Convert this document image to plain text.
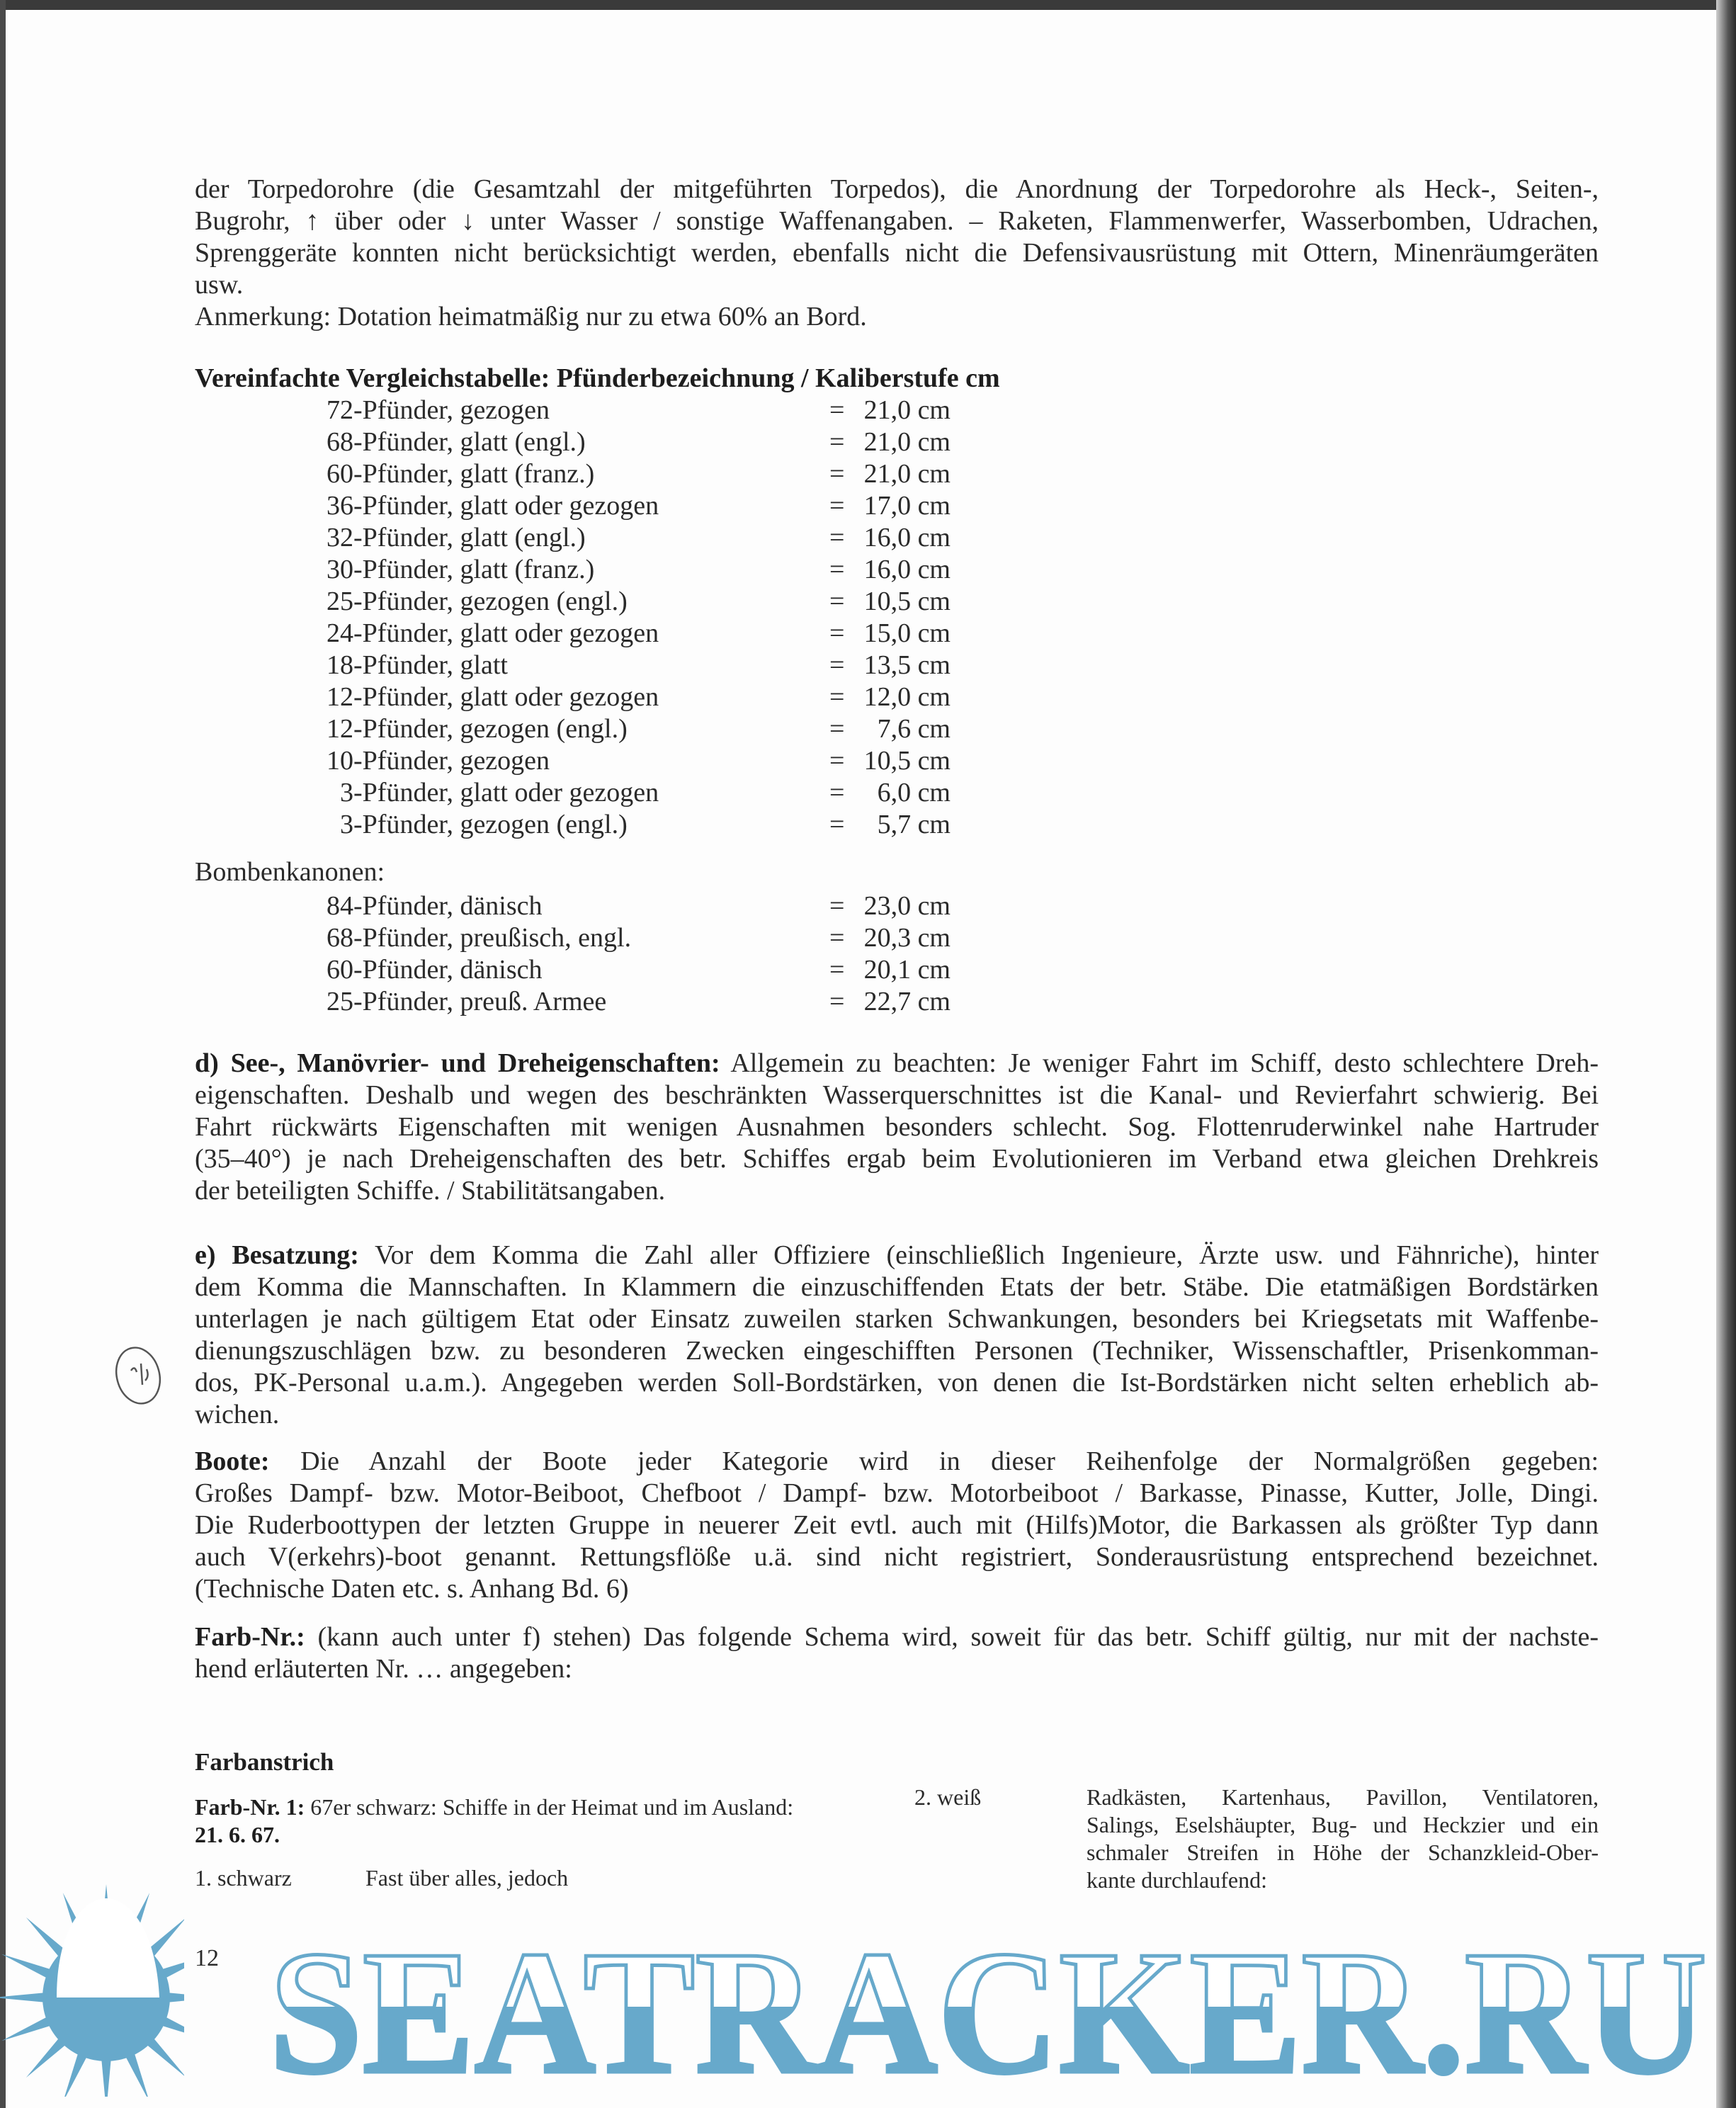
der Torpedorohre (die Gesamtzahl der mitgeführten Torpedos), die Anordnung der Torpedorohre als Heck-, Seiten-,
Bugrohr, ↑ über oder ↓ unter Wasser / sonstige Waffenangaben. – Raketen, Flammenwerfer, Wasserbomben, Udrachen,
Sprenggeräte konnten nicht berücksichtigt werden, ebenfalls nicht die Defensivausrüstung mit Ottern, Minenräumgeräten
usw.
Anmerkung: Dotation heimatmäßig nur zu etwa 60% an Bord.
Vereinfachte Vergleichstabelle: Pfünderbezeichnung / Kaliberstufe cm
72-Pfünder, gezogen	= 21,0 cm
68-Pfünder, glatt (engl.)	= 21,0 cm
60-Pfünder, glatt (franz.)	= 21,0 cm
36-Pfünder, glatt oder gezogen	= 17,0 cm
32-Pfünder, glatt (engl.)	= 16,0 cm
30-Pfünder, glatt (franz.)	= 16,0 cm
25-Pfünder, gezogen (engl.)	= 10,5 cm
24-Pfünder, glatt oder gezogen	= 15,0 cm
18-Pfünder, glatt	= 13,5 cm
12-Pfünder, glatt oder gezogen	= 12,0 cm
12-Pfünder, gezogen (engl.)	=	7,6 cm
10-Pfünder, gezogen	= 10,5 cm
3-Pfünder, glatt oder gezogen	=	6,0 cm
3-Pfünder, gezogen (engl.)	=	5,7 cm
Bombenkanonen:
84-Pfünder, dänisch	= 23,0 cm
68-Pfünder, preußisch, engl.	= 20,3 cm
60-Pfünder, dänisch	= 20,1 cm
25-Pfünder, preuß. Armee	= 22,7 cm
d) See-, Manövrier- und Dreheigenschaften: Allgemein zu beachten: Je weniger Fahrt im Schiff, desto schlechtere Dreh-
eigenschaften. Deshalb und wegen des beschränkten Wasserquerschnittes ist die Kanal- und Revierfahrt schwierig. Bei
Fahrt rückwärts Eigenschaften mit wenigen Ausnahmen besonders schlecht. Sog. Flottenruderwinkel nahe Hartruder
(35–40°) je nach Dreheigenschaften des betr. Schiffes ergab beim Evolutionieren im Verband etwa gleichen Drehkreis
der beteiligten Schiffe. / Stabilitätsangaben.
e) Besatzung: Vor dem Komma die Zahl aller Offiziere (einschließlich Ingenieure, Ärzte usw. und Fähnriche), hinter
dem Komma die Mannschaften. In Klammern die einzuschiffenden Etats der betr. Stäbe. Die etatmäßigen Bordstärken
unterlagen je nach gültigem Etat oder Einsatz zuweilen starken Schwankungen, besonders bei Kriegsetats mit Waffenbe-
dienungszuschlägen bzw. zu besonderen Zwecken eingeschifften Personen (Techniker, Wissenschaftler, Prisenkomman-
dos, PK-Personal u.a.m.). Angegeben werden Soll-Bordstärken, von denen die Ist-Bordstärken nicht selten erheblich ab-
wichen.
Boote: Die Anzahl der Boote jeder Kategorie wird in dieser Reihenfolge der Normalgrößen gegeben:
Großes Dampf- bzw. Motor-Beiboot, Chefboot / Dampf- bzw. Motorbeiboot / Barkasse, Pinasse, Kutter, Jolle, Dingi.
Die Ruderboottypen der letzten Gruppe in neuerer Zeit evtl. auch mit (Hilfs)Motor, die Barkassen als größter Typ dann
auch V(erkehrs)-boot genannt. Rettungsflöße u.ä. sind nicht registriert, Sonderausrüstung entsprechend bezeichnet.
(Technische Daten etc. s. Anhang Bd. 6)
Farb-Nr.: (kann auch unter f) stehen) Das folgende Schema wird, soweit für das betr. Schiff gültig, nur mit der nachste-
hend erläuterten Nr. … angegeben:
Farbanstrich
Farb-Nr. 1: 67er schwarz: Schiffe in der Heimat und im Ausland:
21. 6. 67.
1. schwarz	Fast über alles, jedoch
2. weiß	Radkästen, Kartenhaus, Pavillon, Ventilatoren,
Salings, Eselshäupter, Bug- und Heckzier und ein
schmaler Streifen in Höhe der Schanzkleid-Ober-
kante durchlaufend:
12 SEATRACKER.RU
